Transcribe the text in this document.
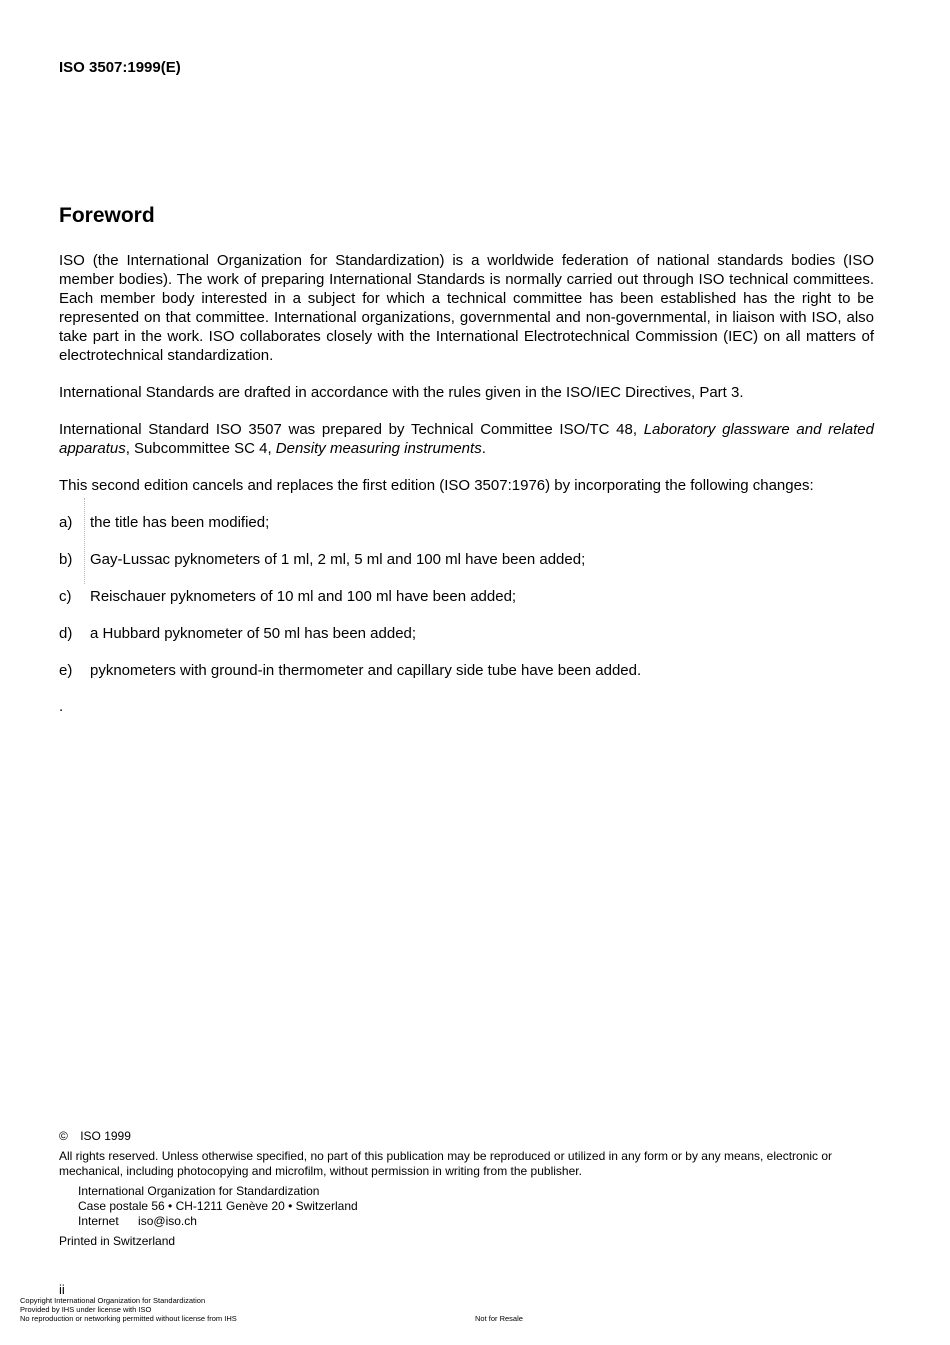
ISO 3507:1999(E)
Foreword
ISO (the International Organization for Standardization) is a worldwide federation of national standards bodies (ISO member bodies). The work of preparing International Standards is normally carried out through ISO technical committees. Each member body interested in a subject for which a technical committee has been established has the right to be represented on that committee. International organizations, governmental and non-governmental, in liaison with ISO, also take part in the work. ISO collaborates closely with the International Electrotechnical Commission (IEC) on all matters of electrotechnical standardization.
International Standards are drafted in accordance with the rules given in the ISO/IEC Directives, Part 3.
International Standard ISO 3507 was prepared by Technical Committee ISO/TC 48, Laboratory glassware and related apparatus, Subcommittee SC 4, Density measuring instruments.
This second edition cancels and replaces the first edition (ISO 3507:1976) by incorporating the following changes:
a) the title has been modified;
b) Gay-Lussac pyknometers of 1 ml, 2 ml, 5 ml and 100 ml have been added;
c) Reischauer pyknometers of 10 ml and 100 ml have been added;
d) a Hubbard pyknometer of 50 ml has been added;
e) pyknometers with ground-in thermometer and capillary side tube have been added.
.
© ISO 1999
All rights reserved. Unless otherwise specified, no part of this publication may be reproduced or utilized in any form or by any means, electronic or mechanical, including photocopying and microfilm, without permission in writing from the publisher.
International Organization for Standardization
Case postale 56 • CH-1211 Genève 20 • Switzerland
Internet iso@iso.ch
Printed in Switzerland
ii
Copyright International Organization for Standardization
Provided by IHS under license with ISO
No reproduction or networking permitted without license from IHS	Not for Resale
